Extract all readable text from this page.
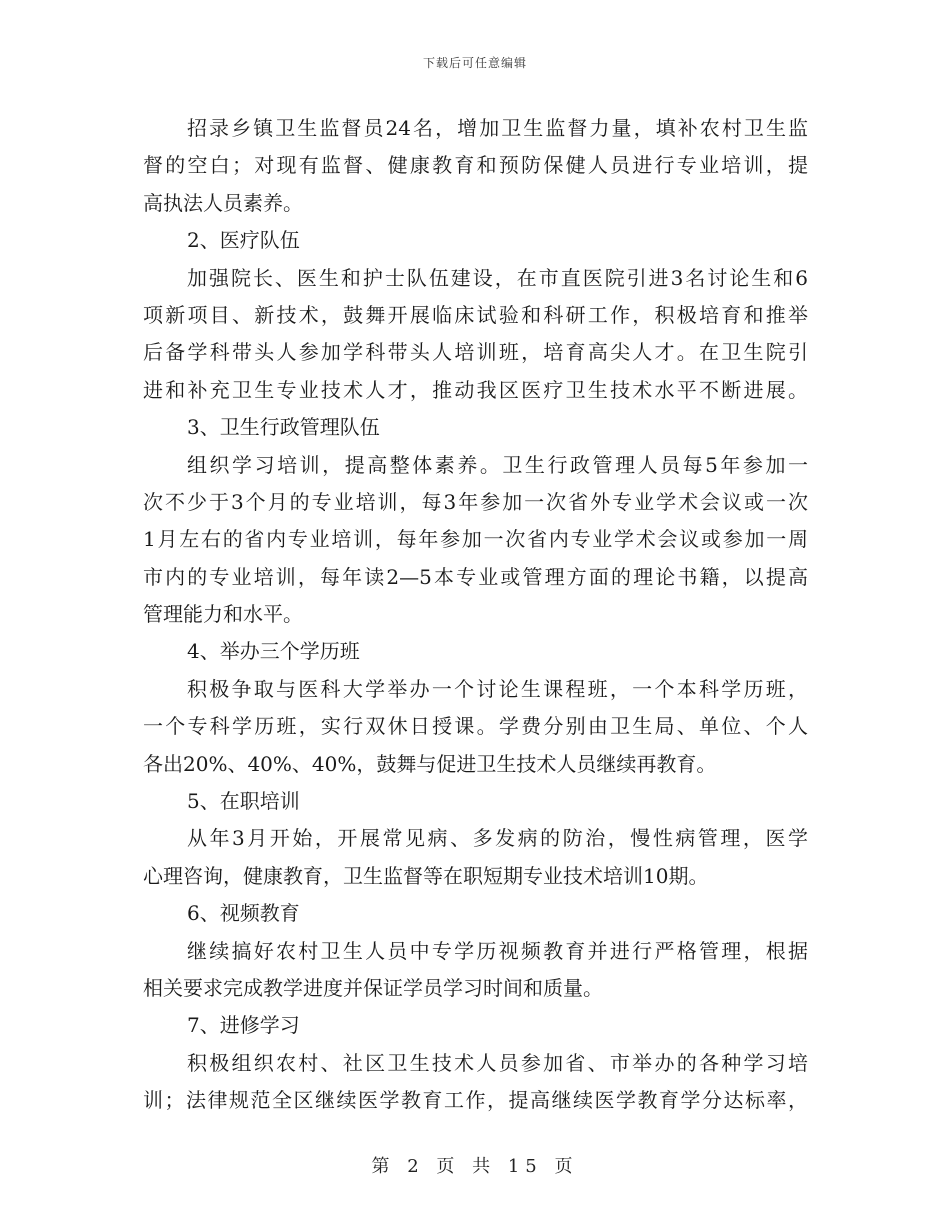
下载后可任意编辑
招录乡镇卫生监督员24名，增加卫生监督力量，填补农村卫生监
督的空白；对现有监督、健康教育和预防保健人员进行专业培训，提
高执法人员素养。
2、医疗队伍
加强院长、医生和护士队伍建设，在市直医院引进3名讨论生和6
项新项目、新技术，鼓舞开展临床试验和科研工作，积极培育和推举
后备学科带头人参加学科带头人培训班，培育高尖人才。在卫生院引
进和补充卫生专业技术人才，推动我区医疗卫生技术水平不断进展。
3、卫生行政管理队伍
组织学习培训，提高整体素养。卫生行政管理人员每5年参加一
次不少于3个月的专业培训，每3年参加一次省外专业学术会议或一次
1月左右的省内专业培训，每年参加一次省内专业学术会议或参加一周
市内的专业培训，每年读2—5本专业或管理方面的理论书籍，以提高
管理能力和水平。
4、举办三个学历班
积极争取与医科大学举办一个讨论生课程班，一个本科学历班，
一个专科学历班，实行双休日授课。学费分别由卫生局、单位、个人
各出20%、40%、40%，鼓舞与促进卫生技术人员继续再教育。
5、在职培训
从年3月开始，开展常见病、多发病的防治，慢性病管理，医学
心理咨询，健康教育，卫生监督等在职短期专业技术培训10期。
6、视频教育
继续搞好农村卫生人员中专学历视频教育并进行严格管理，根据
相关要求完成教学进度并保证学员学习时间和质量。
7、进修学习
积极组织农村、社区卫生技术人员参加省、市举办的各种学习培
训；法律规范全区继续医学教育工作，提高继续医学教育学分达标率，
第 2 页 共 15 页
